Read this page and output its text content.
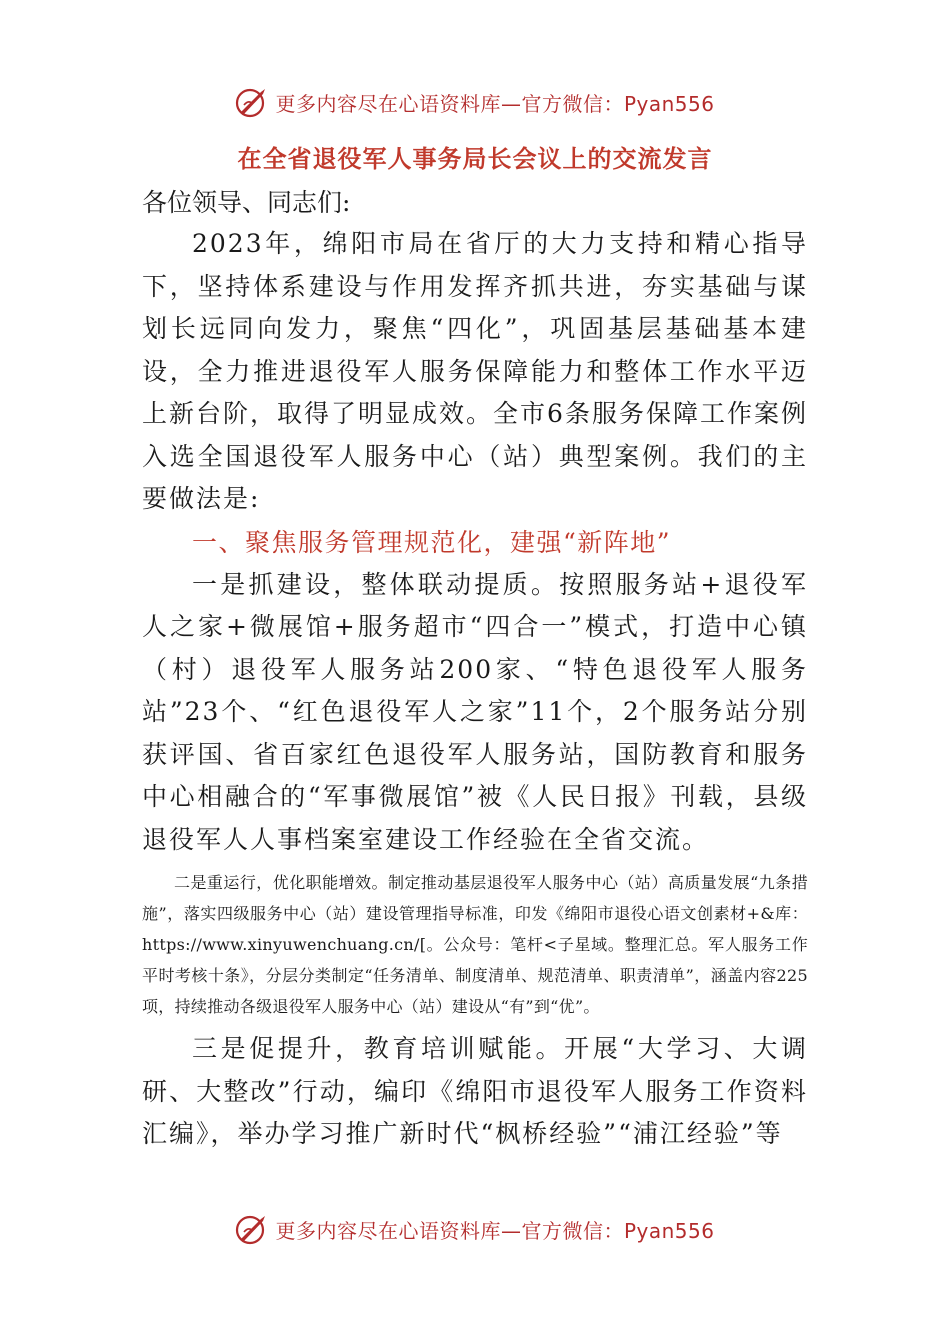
更多内容尽在心语资料库—官方微信：Pyan556
在全省退役军人事务局长会议上的交流发言

各位领导、同志们:

2023年，绵阳市局在省厅的大力支持和精心指导下，坚持体系建设与作用发挥齐抓共进，夯实基础与谋划长远同向发力，聚焦“四化”，巩固基层基础基本建设，全力推进退役军人服务保障能力和整体工作水平迈上新台阶，取得了明显成效。全市6条服务保障工作案例入选全国退役军人服务中心（站）典型案例。我们的主要做法是:

一、聚焦服务管理规范化，建强“新阵地”

一是抓建设，整体联动提质。按照服务站+退役军人之家+微展馆+服务超市“四合一”模式，打造中心镇（村）退役军人服务站200家、“特色退役军人服务站”23个、“红色退役军人之家”11个，2个服务站分别获评国、省百家红色退役军人服务站，国防教育和服务中心相融合的“军事微展馆”被《人民日报》刊载，县级退役军人人事档案室建设工作经验在全省交流。

二是重运行，优化职能增效。制定推动基层退役军人服务中心（站）高质量发展“九条措施”，落实四级服务中心（站）建设管理指导标准，印发《绵阳市退役心语文创素材+&库：https://www.xinyuwenchuang.cn/[。公众号：笔杆<子星域。整理汇总。军人服务工作平时考核十条》，分层分类制定“任务清单、制度清单、规范清单、职责清单”，涵盖内容225项，持续推动各级退役军人服务中心（站）建设从“有”到“优”。

三是促提升，教育培训赋能。开展“大学习、大调研、大整改”行动，编印《绵阳市退役军人服务工作资料汇编》，举办学习推广新时代“枫桥经验”“浦江经验”等

更多内容尽在心语资料库—官方微信：Pyan556
